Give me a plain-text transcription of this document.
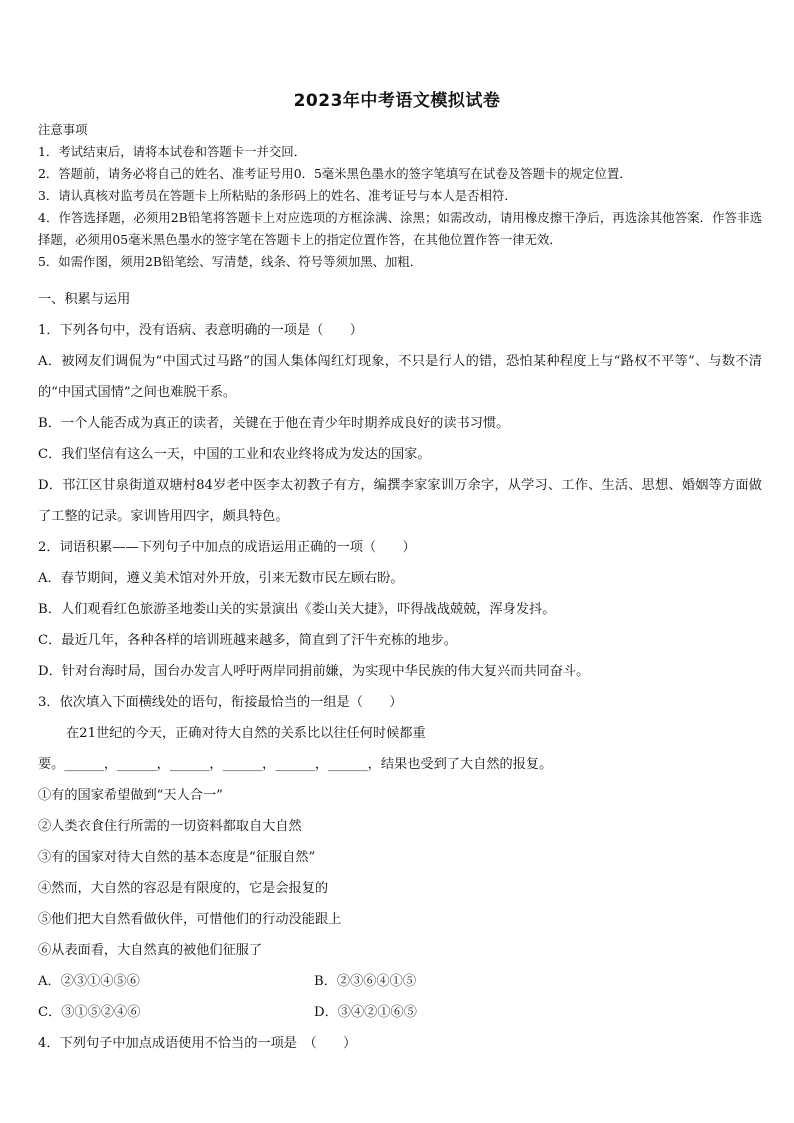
2023年中考语文模拟试卷
注意事项
1．考试结束后，请将本试卷和答题卡一并交回．
2．答题前，请务必将自己的姓名、准考证号用0．5毫米黑色墨水的签字笔填写在试卷及答题卡的规定位置．
3．请认真核对监考员在答题卡上所粘贴的条形码上的姓名、准考证号与本人是否相符．
4．作答选择题，必须用2B铅笔将答题卡上对应选项的方框涂满、涂黑；如需改动，请用橡皮擦干净后，再选涂其他答案．作答非选择题，必须用05毫米黑色墨水的签字笔在答题卡上的指定位置作答，在其他位置作答一律无效．
5．如需作图，须用2B铅笔绘、写清楚，线条、符号等须加黑、加粗．
一、积累与运用
1．下列各句中，没有语病、表意明确的一项是（　　）
A．被网友们调侃为“中国式过马路”的国人集体闯红灯现象，不只是行人的错，恐怕某种程度上与“路权不平等”、与数不清的“中国式国情”之间也难脱干系。
B．一个人能否成为真正的读者，关键在于他在青少年时期养成良好的读书习惯。
C．我们坚信有这么一天，中国的工业和农业终将成为发达的国家。
D．邗江区甘泉街道双塘村84岁老中医李太初教子有方，编撰李家家训万余字，从学习、工作、生活、思想、婚姻等方面做了工整的记录。家训皆用四字，颇具特色。
2．词语积累——下列句子中加点的成语运用正确的一项（　　）
A．春节期间，遵义美术馆对外开放，引来无数市民左顾右盼。
B．人们观看红色旅游圣地娄山关的实景演出《娄山关大捷》，吓得战战兢兢，浑身发抖。
C．最近几年，各种各样的培训班越来越多，简直到了汗牛充栋的地步。
D．针对台海时局，国台办发言人呼吁两岸同捐前嫌，为实现中华民族的伟大复兴而共同奋斗。
3．依次填入下面横线处的语句，衔接最恰当的一组是（　　）
在21世纪的今天，正确对待大自然的关系比以往任何时候都重
要。______，______，______，______，______，______，结果也受到了大自然的报复。
①有的国家希望做到“天人合一”
②人类衣食住行所需的一切资料都取自大自然
③有的国家对待大自然的基本态度是“征服自然”
④然而，大自然的容忍是有限度的，它是会报复的
⑤他们把大自然看做伙伴，可惜他们的行动没能跟上
⑥从表面看，大自然真的被他们征服了
A．②③①④⑤⑥	B．②③⑥④①⑤
C．③①⑤②④⑥	D．③④②①⑥⑤
4．下列句子中加点成语使用不恰当的一项是　（　　）
